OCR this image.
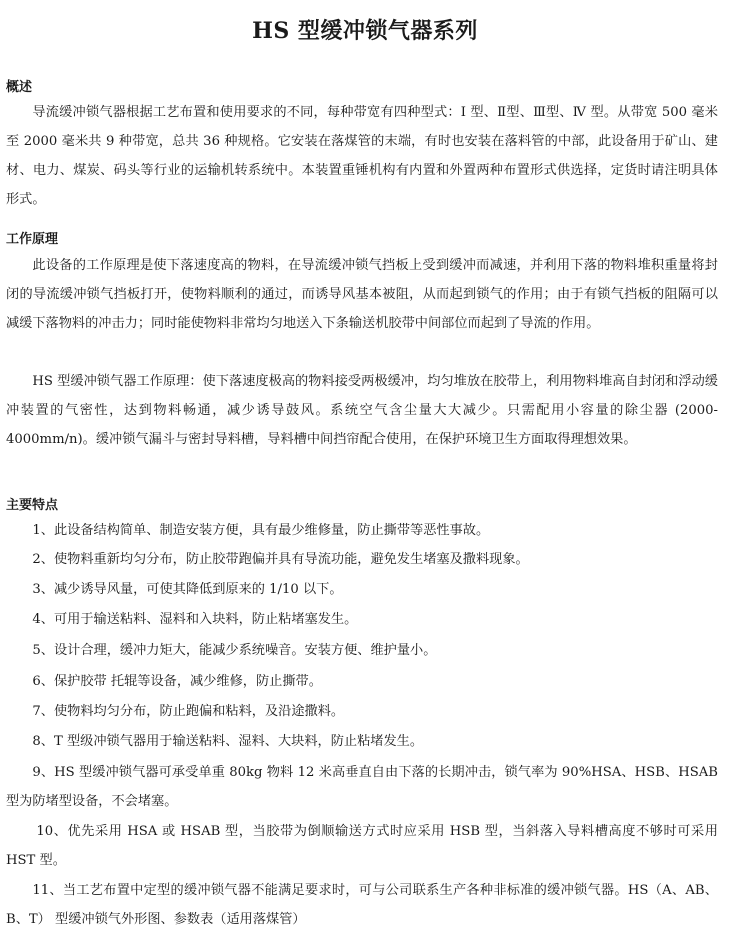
HS 型缓冲锁气器系列
概述

导流缓冲锁气器根据工艺布置和使用要求的不同，每种带宽有四种型式：I 型、Ⅱ型、Ⅲ型、Ⅳ 型。从带宽 500 毫米至 2000 毫米共 9 种带宽，总共 36 种规格。它安装在落煤管的末端，有时也安装在落料管的中部，此设备用于矿山、建材、电力、煤炭、码头等行业的运输机转系统中。本装置重锤机构有内置和外置两种布置形式供选择，定货时请注明具体形式。

工作原理

此设备的工作原理是使下落速度高的物料，在导流缓冲锁气挡板上受到缓冲而减速，并利用下落的物料堆积重量将封闭的导流缓冲锁气挡板打开，使物料顺利的通过，而诱导风基本被阻，从而起到锁气的作用；由于有锁气挡板的阻隔可以减缓下落物料的冲击力；同时能使物料非常均匀地送入下条输送机胶带中间部位而起到了导流的作用。

HS 型缓冲锁气器工作原理：使下落速度极高的物料接受两极缓冲，均匀堆放在胶带上，利用物料堆高自封闭和浮动缓冲装置的气密性，达到物料畅通，减少诱导鼓风。系统空气含尘量大大减少。只需配用小容量的除尘器 (2000-4000mm/n)。缓冲锁气漏斗与密封导料槽，导料槽中间挡帘配合使用，在保护环境卫生方面取得理想效果。

主要特点

1、此设备结构简单、制造安装方便，具有最少维修量，防止撕带等恶性事故。

2、使物料重新均匀分布，防止胶带跑偏并具有导流功能，避免发生堵塞及撒料现象。

3、减少诱导风量，可使其降低到原来的 1/10 以下。

4、可用于输送粘料、湿料和入块料，防止粘堵塞发生。

5、设计合理，缓冲力矩大，能减少系统噪音。安装方便、维护量小。

6、保护胶带 托辊等设备，减少维修，防止撕带。

7、使物料均匀分布，防止跑偏和粘料，及沿途撒料。

8、T 型级冲锁气器用于输送粘料、湿料、大块料，防止粘堵发生。

9、HS 型缓冲锁气器可承受单重 80kg 物料 12 米高垂直自由下落的长期冲击，锁气率为 90%HSA、HSB、HSAB 型为防堵型设备，不会堵塞。

10、优先采用 HSA 或 HSAB 型，当胶带为倒顺输送方式时应采用 HSB 型，当斜落入导料槽高度不够时可采用 HST 型。

11、当工艺布置中定型的缓冲锁气器不能满足要求时，可与公司联系生产各种非标准的缓冲锁气器。HS（A、AB、B、T） 型缓冲锁气外形图、参数表（适用落煤管）
